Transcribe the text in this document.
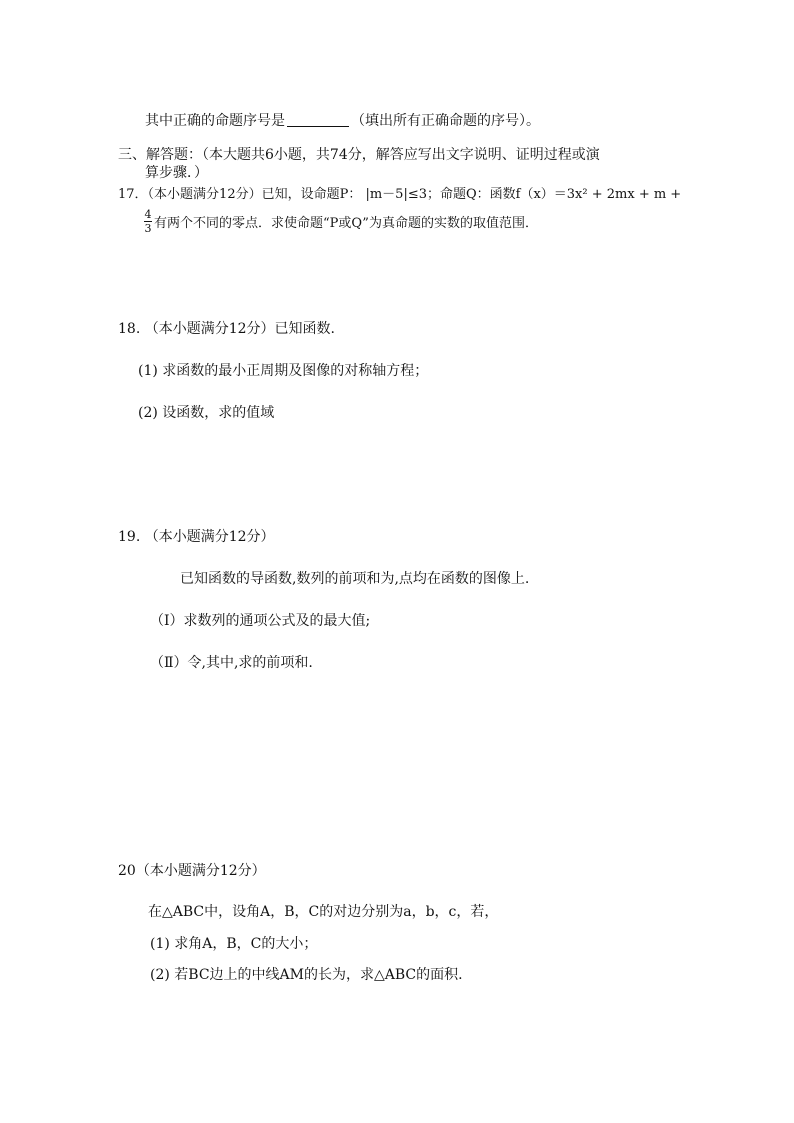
其中正确的命题序号是	（填出所有正确命题的序号）。
三、解答题：（本大题共6小题，共74分，解答应写出文字说明、证明过程或演
算步骤．）
17．（本小题满分12分）已知，设命题P： |m－5|≤3；命题Q：函数f（x）＝3x² + 2mx + m +
4
3 有两个不同的零点．求使命题“P或Q”为真命题的实数的取值范围．
18. （本小题满分12分）已知函数.
(1) 求函数的最小正周期及图像的对称轴方程；
(2) 设函数，求的值域
19. （本小题满分12分）
已知函数的导函数,数列的前项和为,点均在函数的图像上.
（Ⅰ）求数列的通项公式及的最大值;
（Ⅱ）令,其中,求的前项和.
20（本小题满分12分）
在△ABC中，设角A，B，C的对边分别为a，b，c，若，
(1) 求角A，B，C的大小；
(2) 若BC边上的中线AM的长为，求△ABC的面积.
